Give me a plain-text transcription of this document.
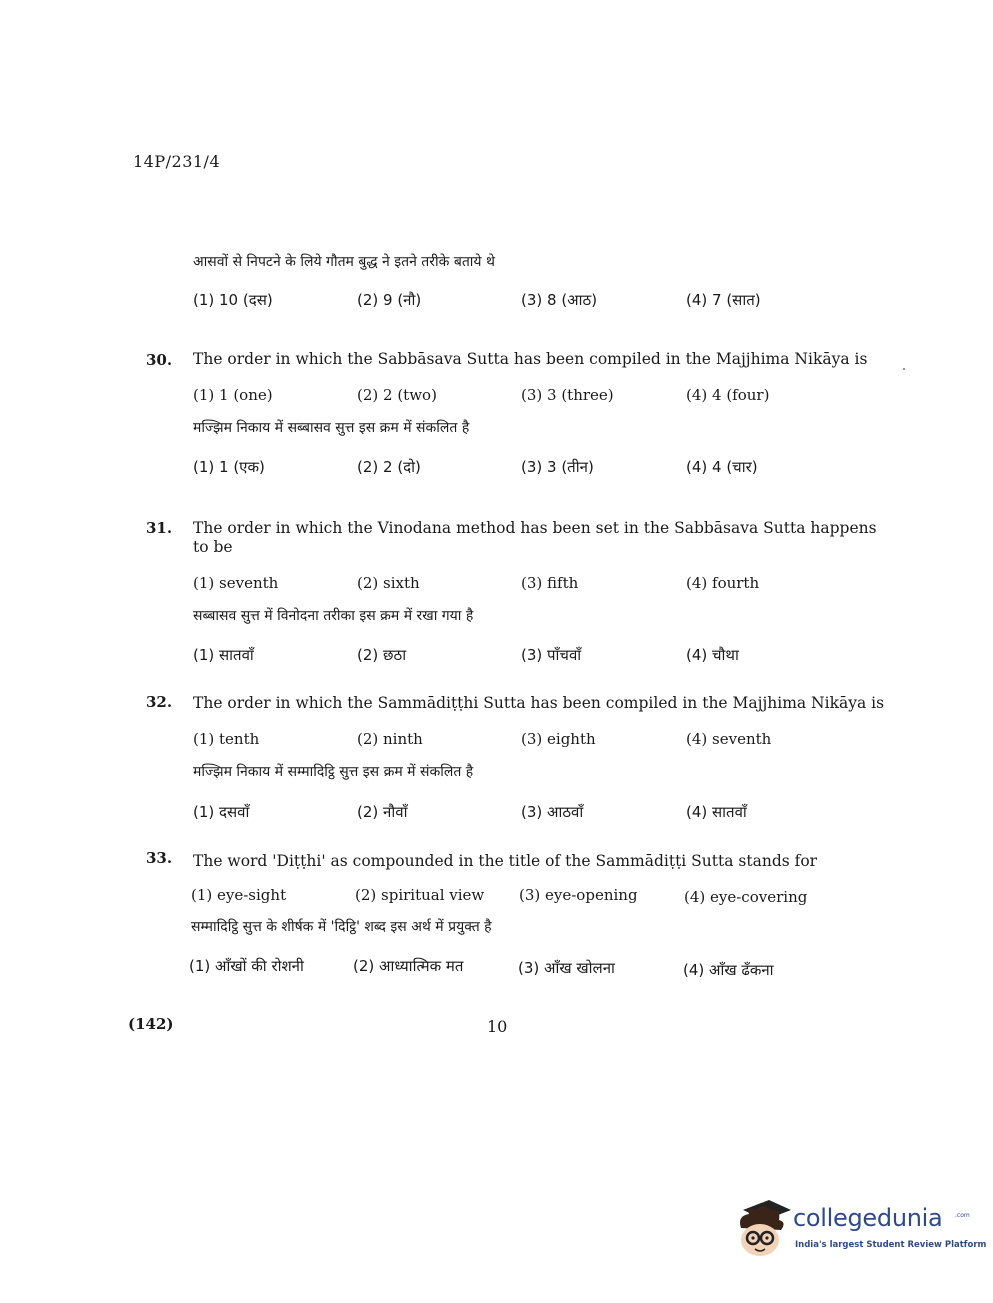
14P/231/4
आसवों से निपटने के लिये गौतम बुद्ध ने इतने तरीके बताये थे
(1) 10 (दस)	(2) 9 (नौ)	(3) 8 (आठ)	(4) 7 (सात)
30. The order in which the Sabbāsava Sutta has been compiled in the Majjhima Nikāya is
(1) 1 (one)	(2) 2 (two)	(3) 3 (three)	(4) 4 (four)
मज्झिम निकाय में सब्बासव सुत्त इस क्रम में संकलित है
(1) 1 (एक)	(2) 2 (दो)	(3) 3 (तीन)	(4) 4 (चार)
31. The order in which the Vinodana method has been set in the Sabbāsava Sutta happens
to be
(1) seventh	(2) sixth	(3) fifth	(4) fourth
सब्बासव सुत्त में विनोदना तरीका इस क्रम में रखा गया है
(1) सातवाँ	(2) छठा	(3) पाँचवाँ	(4) चौथा
32. The order in which the Sammādiṭṭhi Sutta has been compiled in the Majjhima Nikāya is
(1) tenth	(2) ninth	(3) eighth	(4) seventh
मज्झिम निकाय में सम्मादिट्ठि सुत्त इस क्रम में संकलित है
(1) दसवाँ	(2) नौवाँ	(3) आठवाँ	(4) सातवाँ
33. The word 'Diṭṭhi' as compounded in the title of the Sammādiṭṭi Sutta stands for
(1) eye-sight	(2) spiritual view (3) eye-opening	(4) eye-covering
सम्मादिट्ठि सुत्त के शीर्षक में 'दिट्ठि' शब्द इस अर्थ में प्रयुक्त है
(1) आँखों की रोशनी	(2) आध्यात्मिक मत	(3) आँख खोलना	(4) आँख ढँकना
(142)	10
collegedunia .com
India's largest Student Review Platform
